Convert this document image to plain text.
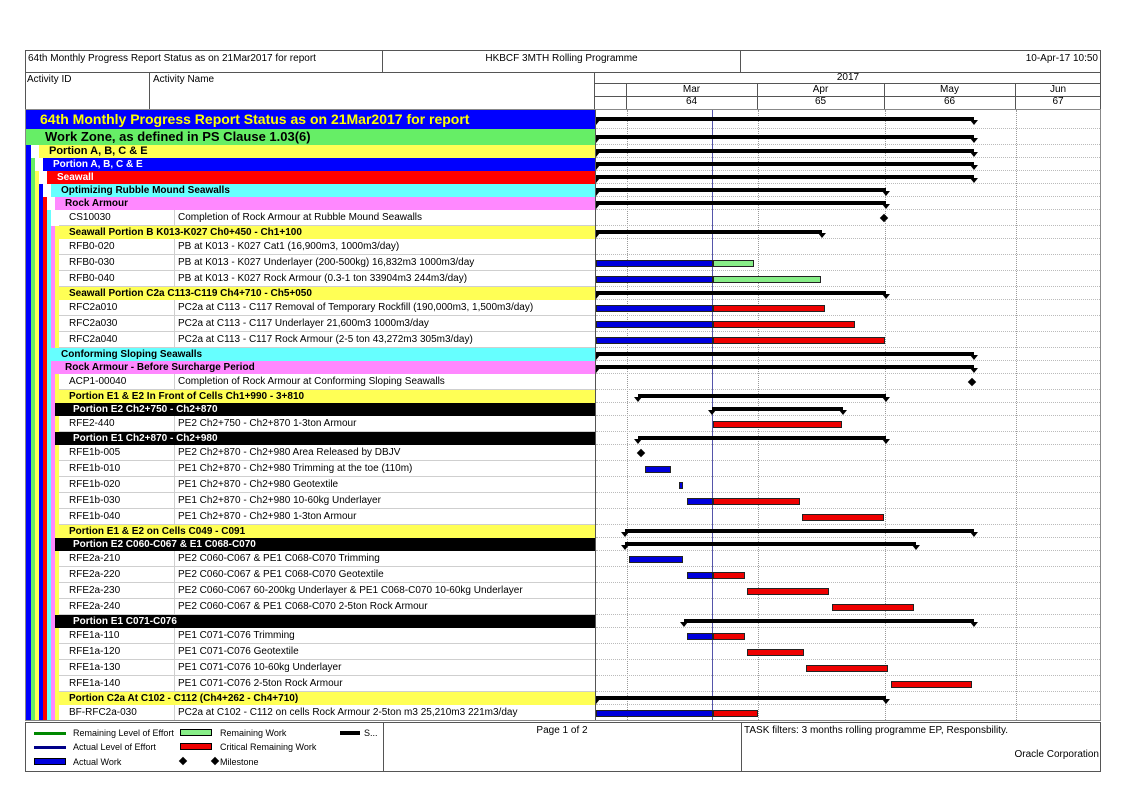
64th Monthly Progress Report Status as on 21Mar2017 for report	HKBCF 3MTH Rolling Programme	10-Apr-17 10:50
Activity ID	Activity Name	2017
Mar
64
Apr
65
May
66
Jun
67
64th Monthly Progress Report Status as on 21Mar2017 for report
Work Zone, as defined in PS Clause 1.03(6)
Portion A, B, C & E
Portion A, B, C & E
Seawall
Optimizing Rubble Mound Seawalls
Rock Armour
CS10030	Completion of Rock Armour at Rubble Mound Seawalls
Seawall Portion B K013-K027 Ch0+450 - Ch1+100
RFB0-020	PB at K013 - K027 Cat1 (16,900m3, 1000m3/day)
RFB0-030	PB at K013 - K027 Underlayer (200-500kg) 16,832m3 1000m3/day
RFB0-040	PB at K013 - K027 Rock Armour (0.3-1 ton 33904m3 244m3/day)
Seawall Portion C2a C113-C119 Ch4+710 - Ch5+050
RFC2a010	PC2a at C113 - C117 Removal of Temporary Rockfill (190,000m3, 1,500m3/day)
RFC2a030	PC2a at C113 - C117 Underlayer 21,600m3 1000m3/day
RFC2a040	PC2a at C113 - C117 Rock Armour (2-5 ton 43,272m3 305m3/day)
Conforming Sloping Seawalls
Rock Armour - Before Surcharge Period
ACP1-00040	Completion of Rock Armour at Conforming Sloping Seawalls
Portion E1 & E2 In Front of Cells Ch1+990 - 3+810
Portion E2 Ch2+750 - Ch2+870
RFE2-440	PE2 Ch2+750 - Ch2+870 1-3ton Armour
Portion E1 Ch2+870 - Ch2+980
RFE1b-005	PE2 Ch2+870 - Ch2+980 Area Released by DBJV
RFE1b-010	PE1 Ch2+870 - Ch2+980 Trimming at the toe (110m)
RFE1b-020	PE1 Ch2+870 - Ch2+980 Geotextile
RFE1b-030	PE1 Ch2+870 - Ch2+980 10-60kg Underlayer
RFE1b-040	PE1 Ch2+870 - Ch2+980 1-3ton Armour
Portion E1 & E2 on Cells C049 - C091
Portion E2 C060-C067 & E1 C068-C070
RFE2a-210	PE2 C060-C067 & PE1 C068-C070 Trimming
RFE2a-220	PE2 C060-C067 & PE1 C068-C070 Geotextile
RFE2a-230	PE2 C060-C067 60-200kg Underlayer & PE1 C068-C070 10-60kg Underlayer
RFE2a-240	PE2 C060-C067 & PE1 C068-C070 2-5ton Rock Armour
Portion E1 C071-C076
RFE1a-110	PE1 C071-C076 Trimming
RFE1a-120	PE1 C071-C076 Geotextile
RFE1a-130	PE1 C071-C076 10-60kg Underlayer
RFE1a-140	PE1 C071-C076 2-5ton Rock Armour
Portion C2a At C102 - C112 (Ch4+262 - Ch4+710)
BF-RFC2a-030	PC2a at C102 - C112 on cells Rock Armour 2-5ton m3 25,210m3 221m3/day
Remaining Level of Effort
Actual Level of Effort
Actual Work
Remaining Work
Critical Remaining Work
Milestone
S...	Page 1 of 2	TASK filters: 3 months rolling programme EP, Responsbility.
Oracle Corporation
